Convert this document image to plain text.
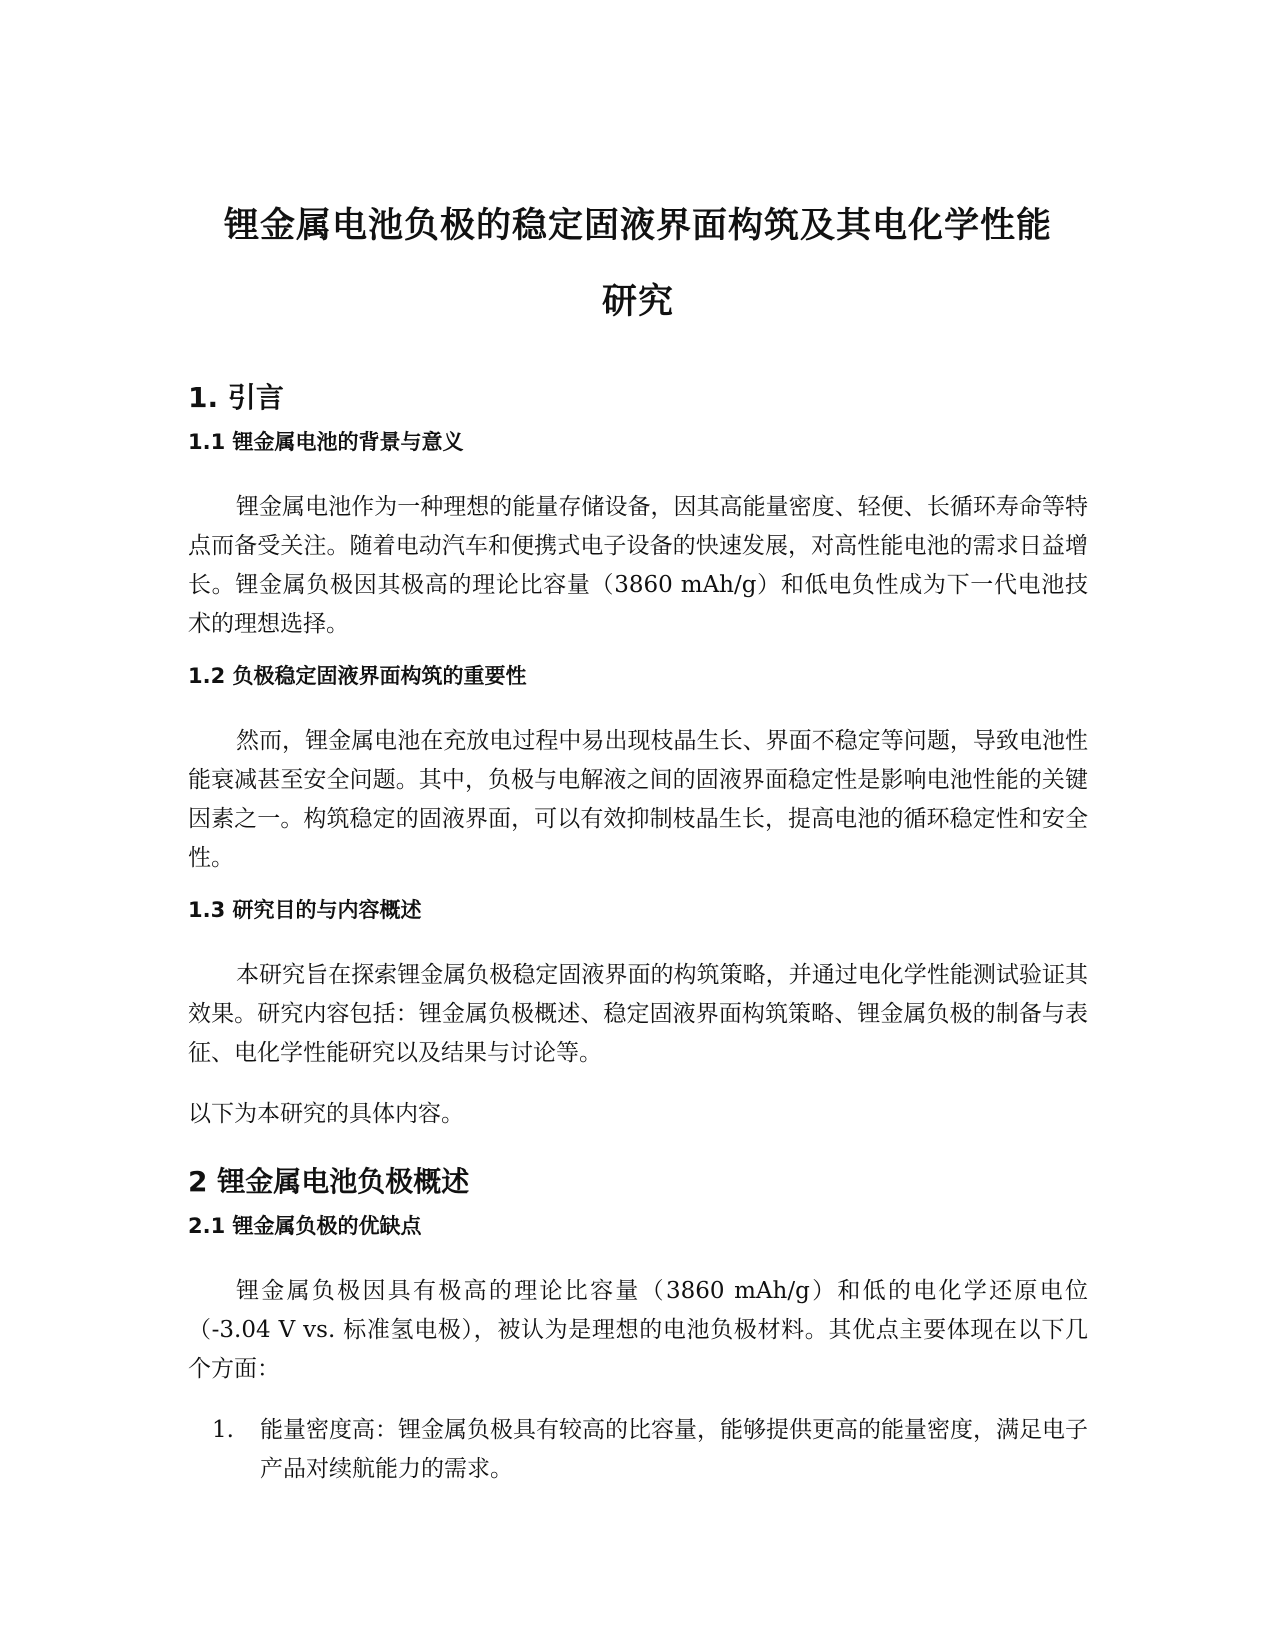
锂金属电池负极的稳定固液界面构筑及其电化学性能
研究
1. 引言
1.1 锂金属电池的背景与意义

锂金属电池作为一种理想的能量存储设备，因其高能量密度、轻便、长循环寿命等特点而备受关注。随着电动汽车和便携式电子设备的快速发展，对高性能电池的需求日益增长。锂金属负极因其极高的理论比容量（3860 mAh/g）和低电负性成为下一代电池技术的理想选择。

1.2 负极稳定固液界面构筑的重要性

然而，锂金属电池在充放电过程中易出现枝晶生长、界面不稳定等问题，导致电池性能衰减甚至安全问题。其中，负极与电解液之间的固液界面稳定性是影响电池性能的关键因素之一。构筑稳定的固液界面，可以有效抑制枝晶生长，提高电池的循环稳定性和安全性。

1.3 研究目的与内容概述

本研究旨在探索锂金属负极稳定固液界面的构筑策略，并通过电化学性能测试验证其效果。研究内容包括：锂金属负极概述、稳定固液界面构筑策略、锂金属负极的制备与表征、电化学性能研究以及结果与讨论等。

以下为本研究的具体内容。

2 锂金属电池负极概述
2.1 锂金属负极的优缺点

锂金属负极因具有极高的理论比容量（3860 mAh/g）和低的电化学还原电位（-3.04 V vs. 标准氢电极），被认为是理想的电池负极材料。其优点主要体现在以下几个方面：

1. 能量密度高：锂金属负极具有较高的比容量，能够提供更高的能量密度，满足电子产品对续航能力的需求。
